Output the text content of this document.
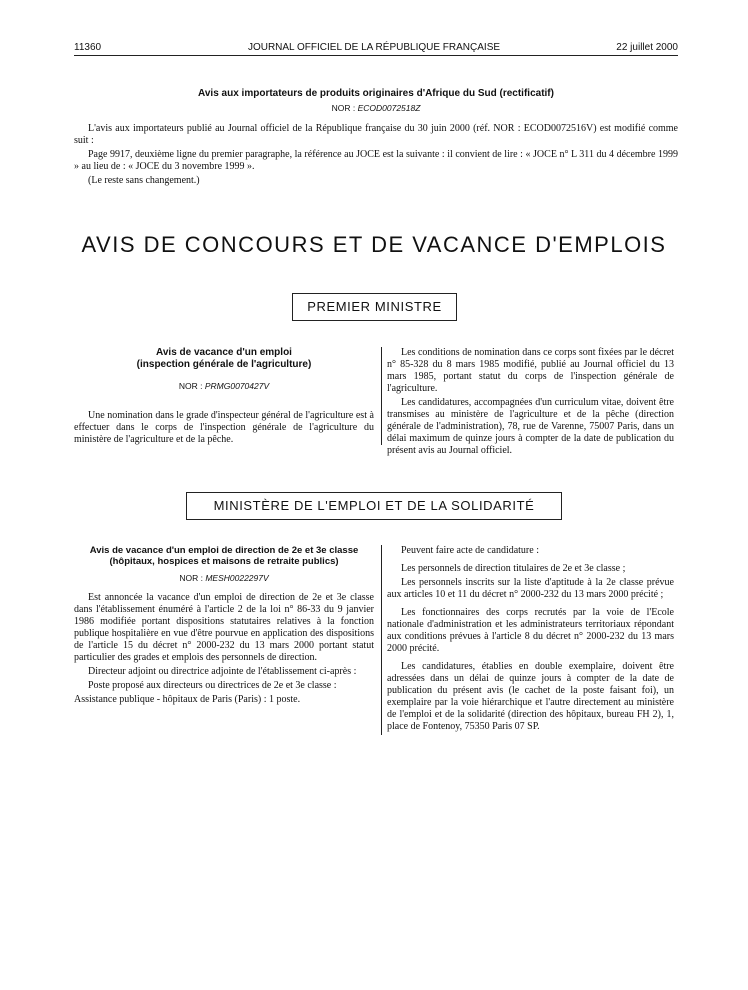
11360	JOURNAL OFFICIEL DE LA RÉPUBLIQUE FRANÇAISE	22 juillet 2000
Avis aux importateurs de produits originaires d'Afrique du Sud (rectificatif)
NOR : ECOD0072518Z

L'avis aux importateurs publié au Journal officiel de la République française du 30 juin 2000 (réf. NOR : ECOD0072516V) est modifié comme suit :

Page 9917, deuxième ligne du premier paragraphe, la référence au JOCE est la suivante : il convient de lire : « JOCE n° L 311 du 4 décembre 1999 » au lieu de : « JOCE du 3 novembre 1999 ».

(Le reste sans changement.)

AVIS DE CONCOURS ET DE VACANCE D'EMPLOIS
PREMIER MINISTRE
Avis de vacance d'un emploi
(inspection générale de l'agriculture)
NOR : PRMG0070427V

Une nomination dans le grade d'inspecteur général de l'agriculture est à effectuer dans le corps de l'inspection générale de l'agriculture du ministère de l'agriculture et de la pêche.

Les conditions de nomination dans ce corps sont fixées par le décret n° 85-328 du 8 mars 1985 modifié, publié au Journal officiel du 13 mars 1985, portant statut du corps de l'inspection générale de l'agriculture.

Les candidatures, accompagnées d'un curriculum vitae, doivent être transmises au ministère de l'agriculture et de la pêche (direction générale de l'administration), 78, rue de Varenne, 75007 Paris, dans un délai maximum de quinze jours à compter de la date de publication du présent avis au Journal officiel.

MINISTÈRE DE L'EMPLOI ET DE LA SOLIDARITÉ
Avis de vacance d'un emploi de direction de 2e et 3e classe
(hôpitaux, hospices et maisons de retraite publics)
NOR : MESH0022297V

Est annoncée la vacance d'un emploi de direction de 2e et 3e classe dans l'établissement énuméré à l'article 2 de la loi n° 86-33 du 9 janvier 1986 modifiée portant dispositions statutaires relatives à la fonction publique hospitalière en vue d'être pourvue en application des dispositions de l'article 15 du décret n° 2000-232 du 13 mars 2000 portant statut particulier des grades et emplois des personnels de direction.

Directeur adjoint ou directrice adjointe de l'établissement ci-après :

Poste proposé aux directeurs ou directrices de 2e et 3e classe :

Assistance publique - hôpitaux de Paris (Paris) : 1 poste.

Peuvent faire acte de candidature :

Les personnels de direction titulaires de 2e et 3e classe ;

Les personnels inscrits sur la liste d'aptitude à la 2e classe prévue aux articles 10 et 11 du décret n° 2000-232 du 13 mars 2000 précité ;

Les fonctionnaires des corps recrutés par la voie de l'Ecole nationale d'administration et les administrateurs territoriaux répondant aux conditions prévues à l'article 8 du décret n° 2000-232 du 13 mars 2000 précité.

Les candidatures, établies en double exemplaire, doivent être adressées dans un délai de quinze jours à compter de la date de publication du présent avis (le cachet de la poste faisant foi), un exemplaire par la voie hiérarchique et l'autre directement au ministère de l'emploi et de la solidarité (direction des hôpitaux, bureau FH 2), 1, place de Fontenoy, 75350 Paris 07 SP.
